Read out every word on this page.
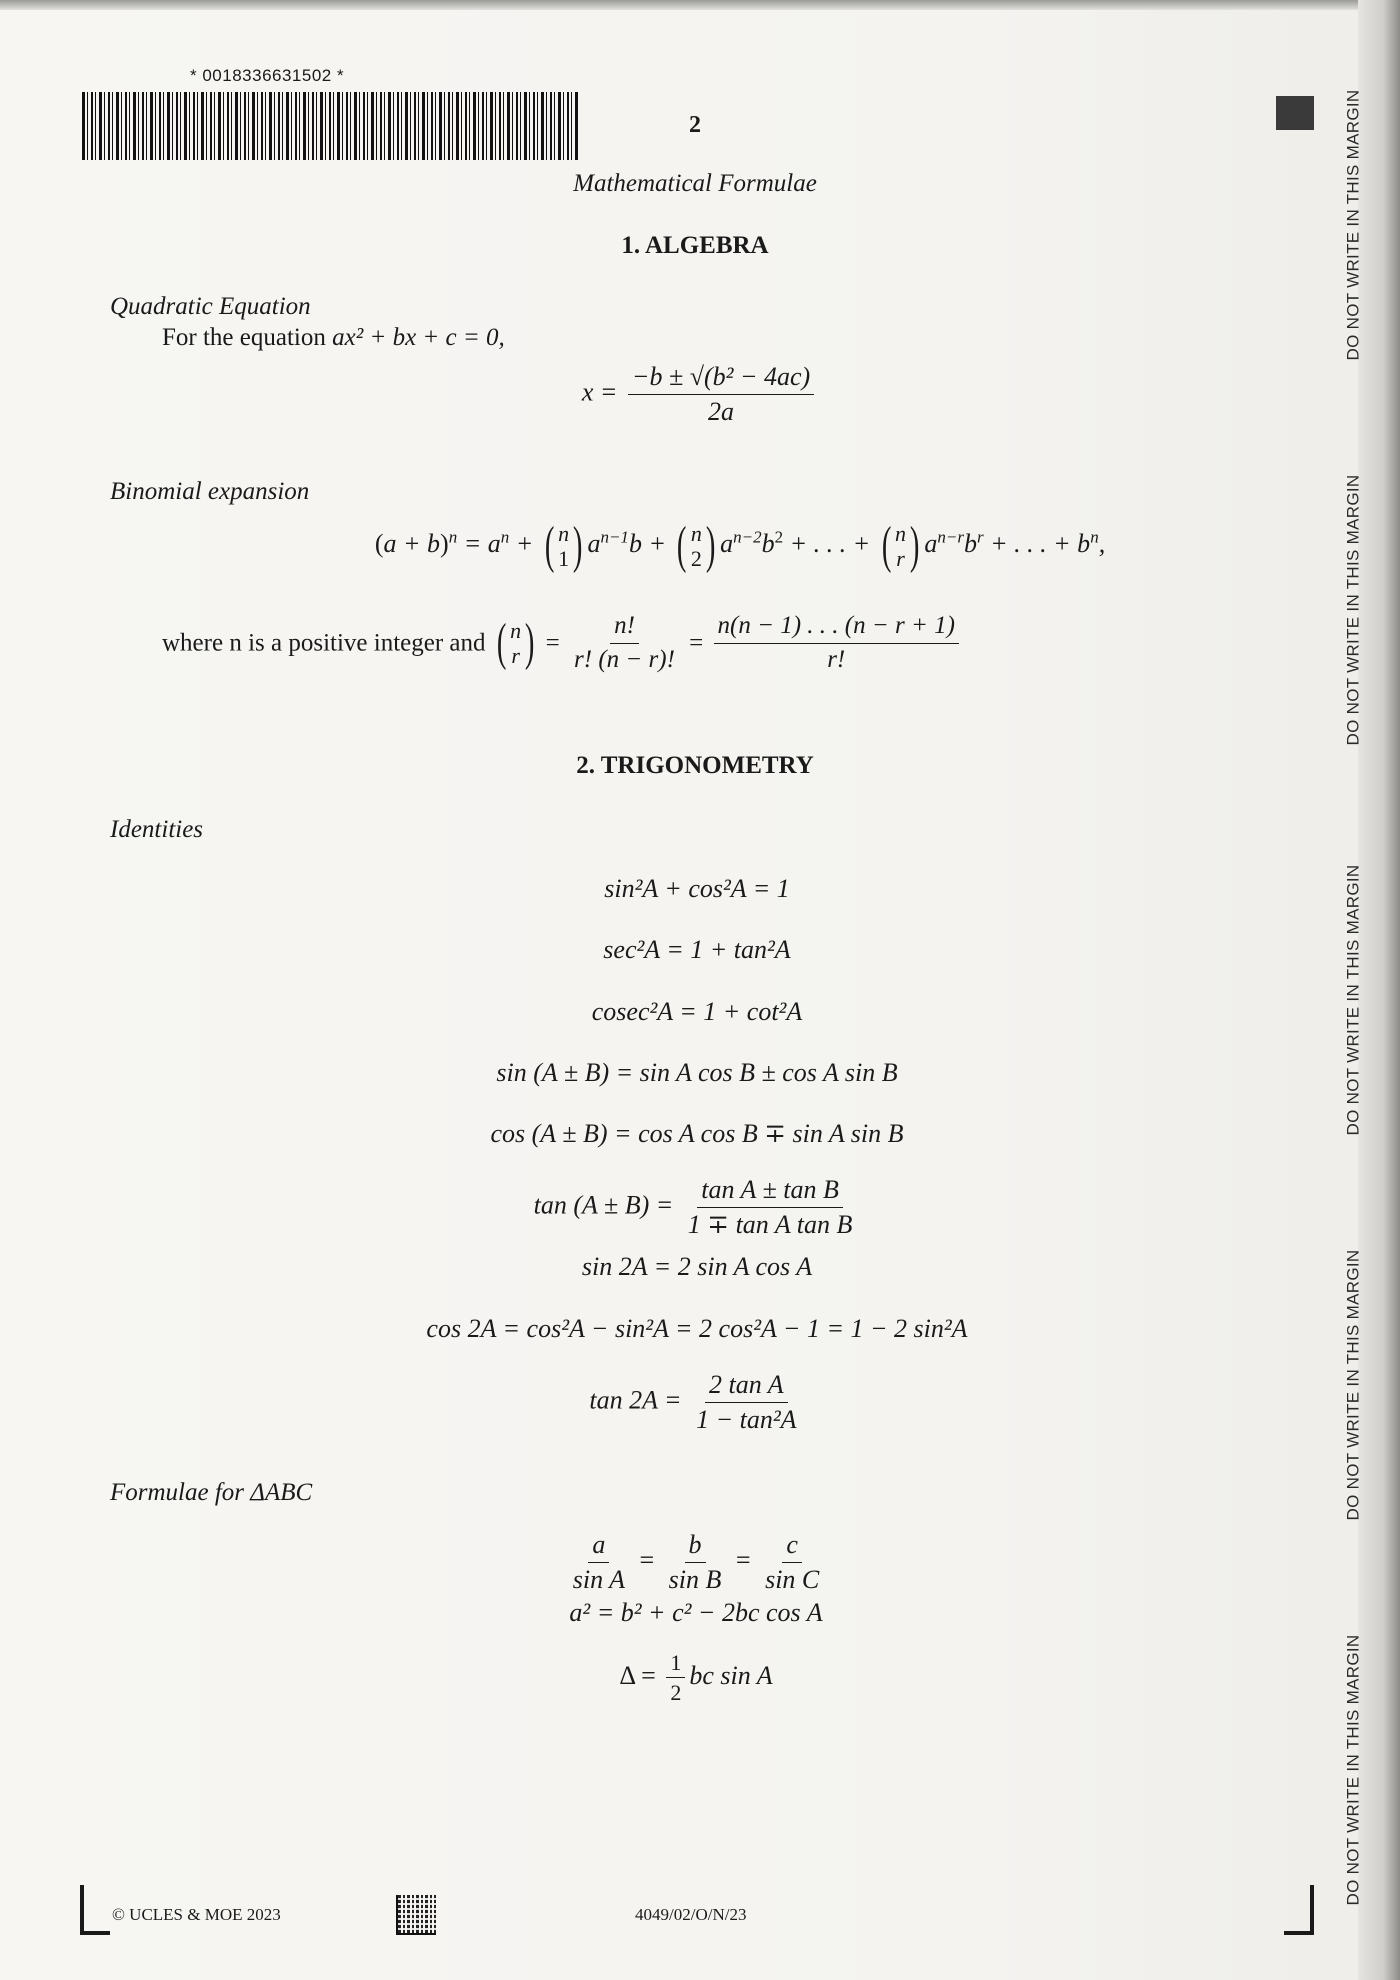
* 0018336631502 *
2	DO NOT WRITE IN THIS MARGIN
DO NOT WRITE IN THIS MARGIN
DO NOT WRITE IN THIS MARGIN
DO NOT WRITE IN THIS MARGIN
DO NOT WRITE IN THIS MARGIN
Mathematical Formulae
1. ALGEBRA
Quadratic Equation
For the equation ax² + bx + c = 0,
$x = \frac{\text{−b ± √(b² − 4ac)}}{2a}$
Binomial expansion
$(a + b)^n = a^n$ + ( n
1 ) $a^{n-1}b$ + ( n
2 ) $a^{n-2}b^2$ + . . . + ( n
r ) $a^{n-r}b^r$ + . . . + $b^n$,
where n is a positive integer and ( n
r ) = $\frac{n!}{r! (n - r)!} = \frac{n(n - 1) . . . (n - r + 1)}{r!}$
2. TRIGONOMETRY
Identities
sin²A + cos²A = 1
sec²A = 1 + tan²A
cosec²A = 1 + cot²A
sin (A ± B) = sin A cos B ± cos A sin B
cos (A ± B) = cos A cos B ∓ sin A sin B
$\tan (A \pm B) = \frac{\text{tan A ± tan B}}{\text{1 ∓ tan A tan B}}$
sin 2A = 2 sin A cos A
cos 2A = cos²A − sin²A = 2 cos²A − 1 = 1 − 2 sin²A
$\tan 2A = \frac{\text{2 tan A}}{\text{1 − tan²A}}$
Formulae for ΔABC
$\frac{a}{\text{sin A}} = \frac{b}{\text{sin B}} = \frac{c}{\text{sin C}}$
a² = b² + c² − 2bc cos A
$\Delta = \frac{1}{2}$ bc sin A
© UCLES & MOE 2023	4049/02/O/N/23
